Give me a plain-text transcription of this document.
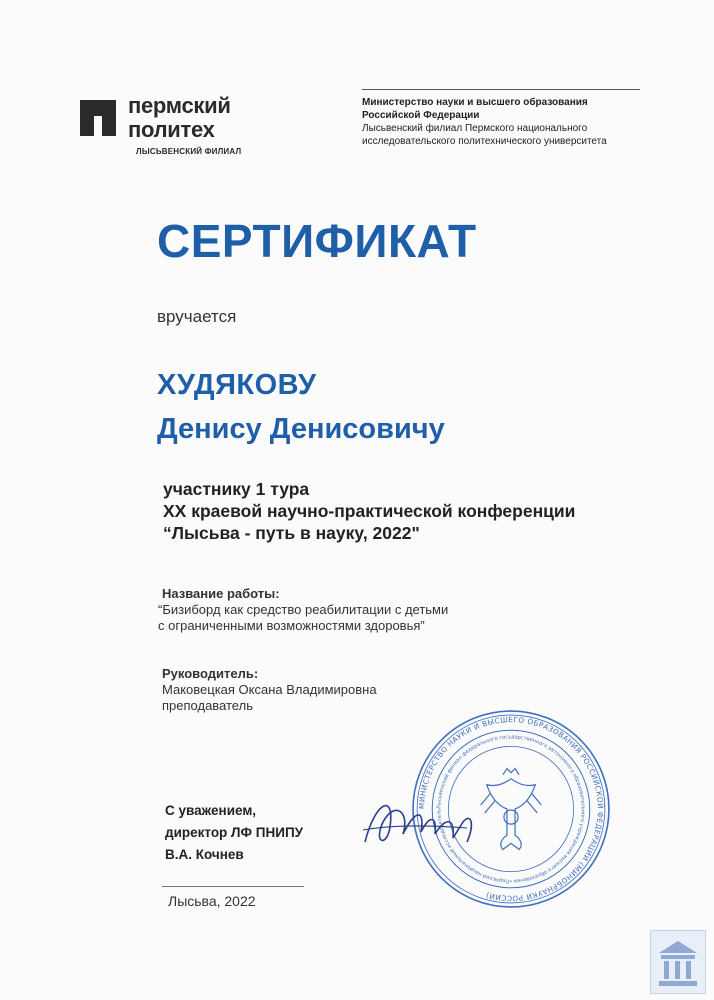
пермский
политех
ЛЫСЬВЕНСКИЙ ФИЛИАЛ
Министерство науки и высшего образования
Российской Федерации
Лысьвенский филиал Пермского национального
исследовательского политехнического университета
СЕРТИФИКАТ
вручается
ХУДЯКОВУ
Денису Денисовичу
участнику 1 тура
XX краевой научно-практической конференции
“Лысьва - путь в науку, 2022"
Название работы:
“Бизиборд как средство реабилитации с детьми
с ограниченными возможностями здоровья”
Руководитель:
Маковецкая Оксана Владимировна
преподаватель
МИНИСТЕРСТВО НАУКИ И ВЫСШЕГО ОБРАЗОВАНИЯ РОССИЙСКОЙ ФЕДЕРАЦИИ (МИНОБРНАУКИ РОССИИ)
Лысьвенский филиал федерального государственного автономного образовательного учреждения высшего образования «Пермский национальный исследователь
С уважением,
директор ЛФ ПНИПУ
В.А. Кочнев
Лысьва, 2022
